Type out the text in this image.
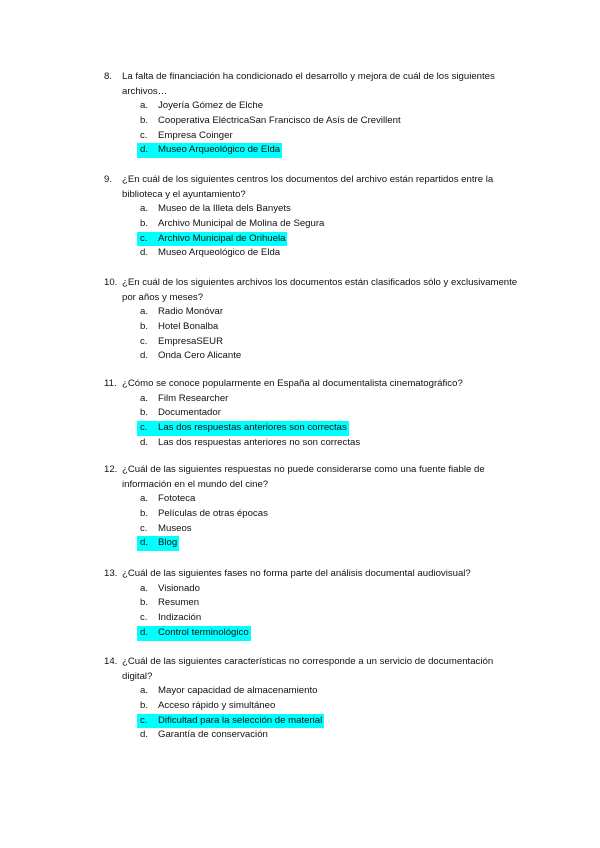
8.	La falta de financiación ha condicionado el desarrollo y mejora de cuál de los siguientes archivos…
a.	Joyería Gómez de Elche
b.	Cooperativa EléctricaSan Francisco de Asís de Crevillent
c.	Empresa Coinger
d.	Museo Arqueológico de Elda
9.	¿En cuál de los siguientes centros los documentos del archivo están repartidos entre la biblioteca y el ayuntamiento?
a.	Museo de la Illeta dels Banyets
b.	Archivo Municipal de Molina de Segura
c.	Archivo Municipal de Orihuela
d.	Museo Arqueológico de Elda
10. ¿En cuál de los siguientes archivos los documentos están clasificados sólo y exclusivamente por años y meses?
a.	Radio Monóvar
b.	Hotel Bonalba
c.	EmpresaSEUR
d.	Onda Cero Alicante
11. ¿Cómo se conoce popularmente en España al documentalista cinematográfico?
a.	Film Researcher
b.	Documentador
c.	Las dos respuestas anteriores son correctas
d.	Las dos respuestas anteriores no son correctas
12. ¿Cuál de las siguientes respuestas no puede considerarse como una fuente fiable de información en el mundo del cine?
a.	Fototeca
b.	Películas de otras épocas
c.	Museos
d.	Blog
13. ¿Cuál de las siguientes fases no forma parte del análisis documental audiovisual?
a.	Visionado
b.	Resumen
c.	Indización
d.	Control terminológico
14. ¿Cuál de las siguientes características no corresponde a un servicio de documentación digital?
a.	Mayor capacidad de almacenamiento
b.	Acceso rápido y simultáneo
c.	Dificultad para la selección de material
d.	Garantía de conservación
